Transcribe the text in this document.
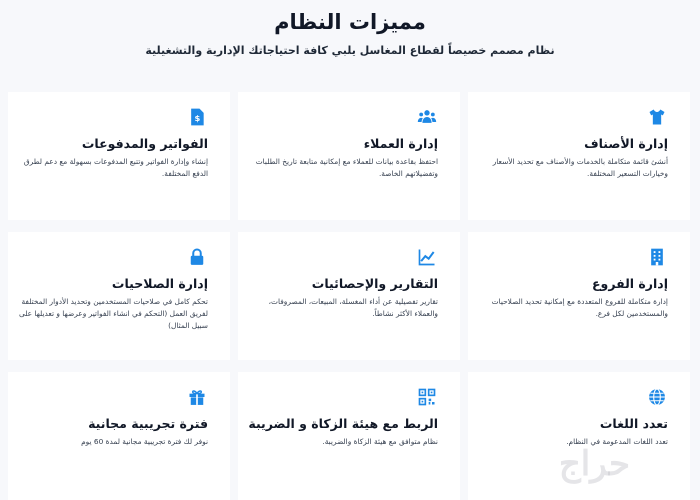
مميزات النظام
نظام مصمم خصيصاً لقطاع المغاسل يلبي كافة احتياجاتك الإدارية والتشغيلية
إدارة الأصناف
أنشئ قائمة متكاملة بالخدمات والأصناف مع تحديد الأسعار وخيارات التسعير المختلفة.
إدارة العملاء
احتفظ بقاعدة بيانات للعملاء مع إمكانية متابعة تاريخ الطلبات وتفضيلاتهم الخاصة.
$
الفواتير والمدفوعات
إنشاء وإدارة الفواتير وتتبع المدفوعات بسهولة مع دعم لطرق الدفع المختلفة.
إدارة الفروع
إدارة متكاملة للفروع المتعددة مع إمكانية تحديد الصلاحيات والمستخدمين لكل فرع.
التقارير والإحصائيات
تقارير تفصيلية عن أداء المغسلة، المبيعات، المصروفات، والعملاء الأكثر نشاطاً.
إدارة الصلاحيات
تحكم كامل في صلاحيات المستخدمين وتحديد الأدوار المختلفة لفريق العمل (التحكم في انشاء الفواتير وعرضها و تعديلها على سبيل المثال)
تعدد اللغات
تعدد اللغات المدعومة في النظام.
الربط مع هيئة الزكاة و الضريبة
نظام متوافق مع هيئة الزكاة والضريبة.
فترة تجريبية مجانية
نوفر لك فترة تجريبية مجانية لمدة 60 يوم
حراج
